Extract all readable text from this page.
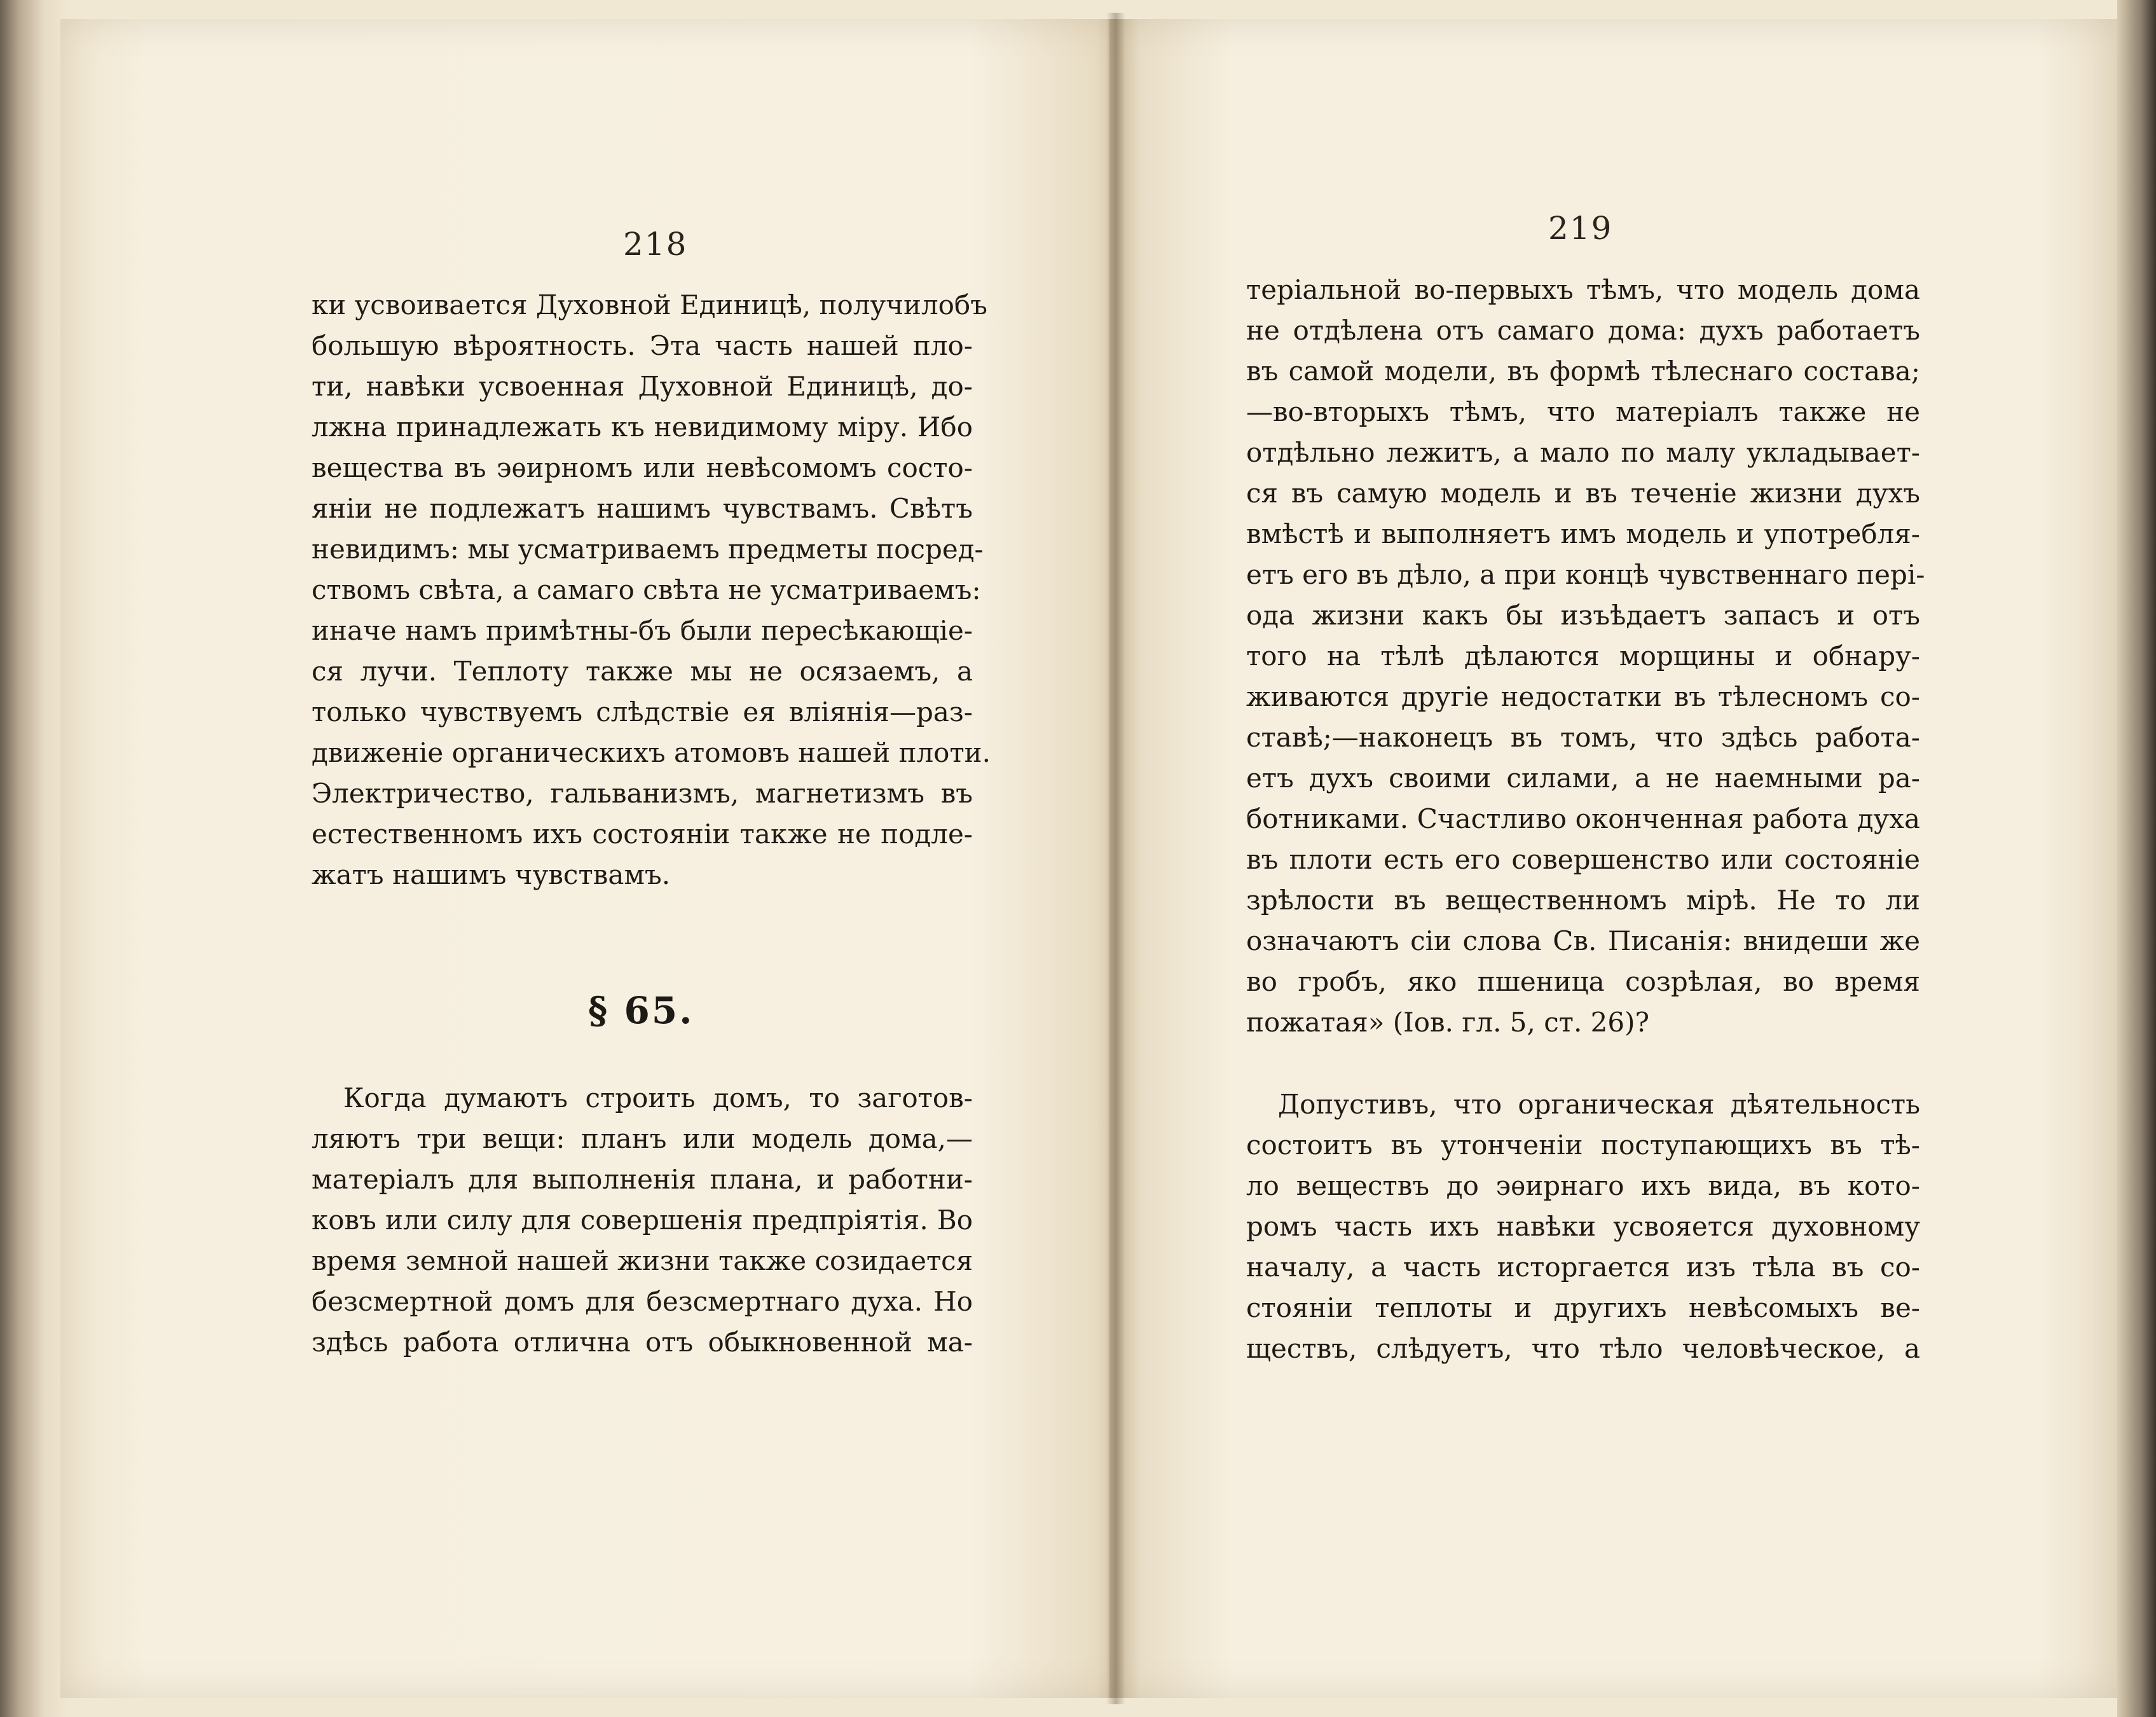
218
ки усвоивается Духовной Единицѣ, получилобъ
большую вѣроятность. Эта часть нашей пло-
ти, навѣки усвоенная Духовной Единицѣ, до-
лжна принадлежать къ невидимому міру. Ибо
вещества въ эѳирномъ или невѣсомомъ состо-
яніи не подлежатъ нашимъ чувствамъ. Свѣтъ
невидимъ: мы усматриваемъ предметы посред-
ствомъ свѣта, а самаго свѣта не усматриваемъ:
иначе намъ примѣтны-бъ были пересѣкающіе-
ся лучи. Теплоту также мы не осязаемъ, а
только чувствуемъ слѣдствіе ея вліянія—раз-
движеніе органическихъ атомовъ нашей плоти.
Электричество, гальванизмъ, магнетизмъ въ
естественномъ ихъ состояніи также не подле-
жатъ нашимъ чувствамъ.
§ 65.
Когда думаютъ строить домъ, то заготов-
ляютъ три вещи: планъ или модель дома,—
матеріалъ для выполненія плана, и работни-
ковъ или силу для совершенія предпріятія. Во
время земной нашей жизни также созидается
безсмертной домъ для безсмертнаго духа. Но
здѣсь работа отлична отъ обыкновенной ма-
219
теріальной во-первыхъ тѣмъ, что модель дома
не отдѣлена отъ самаго дома: духъ работаетъ
въ самой модели, въ формѣ тѣлеснаго состава;
—во-вторыхъ тѣмъ, что матеріалъ также не
отдѣльно лежитъ, а мало по малу укладывает-
ся въ самую модель и въ теченіе жизни духъ
вмѣстѣ и выполняетъ имъ модель и употребля-
етъ его въ дѣло, а при концѣ чувственнаго пері-
ода жизни какъ бы изъѣдаетъ запасъ и отъ
того на тѣлѣ дѣлаются морщины и обнару-
живаются другіе недостатки въ тѣлесномъ со-
ставѣ;—наконецъ въ томъ, что здѣсь работа-
етъ духъ своими силами, а не наемными ра-
ботниками. Счастливо оконченная работа духа
въ плоти есть его совершенство или состояніе
зрѣлости въ вещественномъ мірѣ. Не то ли
означаютъ сіи слова Св. Писанія: внидеши же
во гробъ, яко пшеница созрѣлая, во время
пожатая» (Іов. гл. 5, ст. 26)?
Допустивъ, что органическая дѣятельность
состоитъ въ утонченіи поступающихъ въ тѣ-
ло веществъ до эѳирнаго ихъ вида, въ кото-
ромъ часть ихъ навѣки усвояется духовному
началу, а часть исторгается изъ тѣла въ со-
стояніи теплоты и другихъ невѣсомыхъ ве-
ществъ, слѣдуетъ, что тѣло человѣческое, а
